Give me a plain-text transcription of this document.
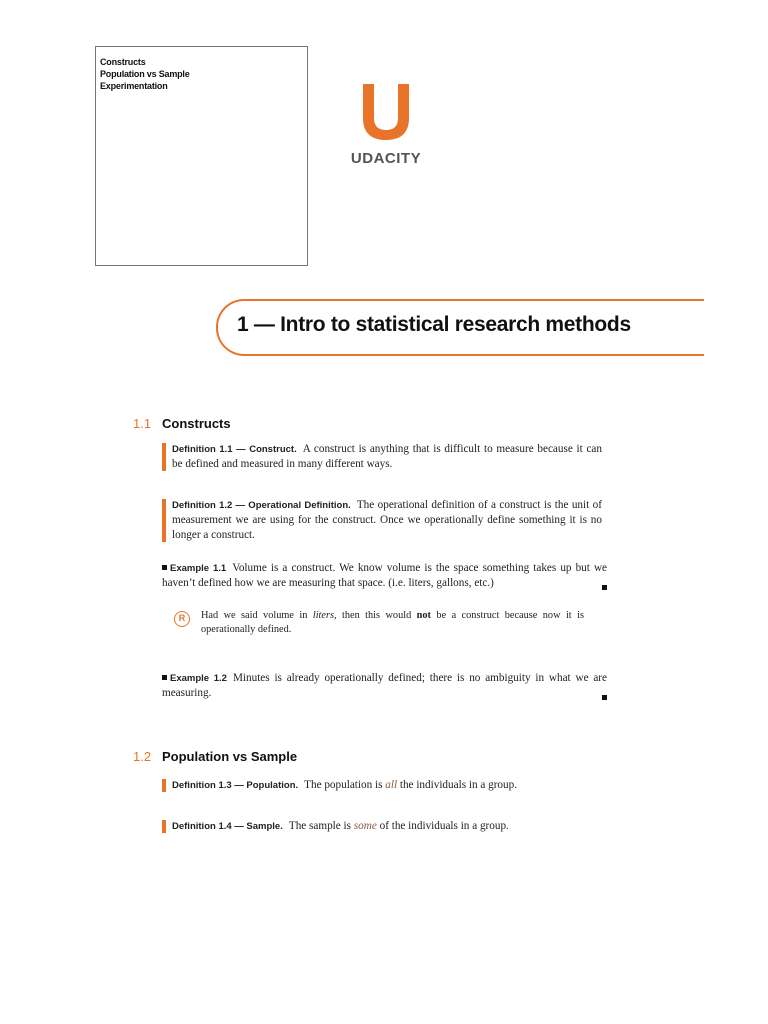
Constructs
Population vs Sample
Experimentation
UDACITY
1 — Intro to statistical research methods
1.1 Constructs
Definition 1.1 — Construct. A construct is anything that is difficult to measure because it can be defined and measured in many different ways.
Definition 1.2 — Operational Definition. The operational definition of a construct is the unit of measurement we are using for the construct. Once we operationally define something it is no longer a construct.
Example 1.1 Volume is a construct. We know volume is the space something takes up but we haven’t defined how we are measuring that space. (i.e. liters, gallons, etc.)
R	Had we said volume in liters, then this would not be a construct because now it is operationally defined.
Example 1.2 Minutes is already operationally defined; there is no ambiguity in what we are measuring.
1.2 Population vs Sample
Definition 1.3 — Population. The population is all the individuals in a group.
Definition 1.4 — Sample. The sample is some of the individuals in a group.
